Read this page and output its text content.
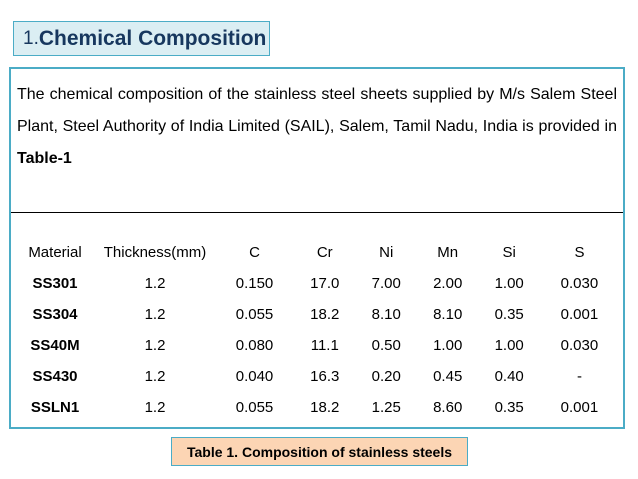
1. Chemical Composition

The chemical composition of the stainless steel sheets supplied by M/s Salem Steel Plant, Steel Authority of India Limited (SAIL), Salem, Tamil Nadu, India is provided in Table-1

Material	Thickness(mm)	C	Cr	Ni	Mn	Si	S
SS301	1.2	0.150	17.0	7.00	2.00	1.00	0.030
SS304	1.2	0.055	18.2	8.10	8.10	0.35	0.001
SS40M	1.2	0.080	11.1	0.50	1.00	1.00	0.030
SS430	1.2	0.040	16.3	0.20	0.45	0.40	-
SSLN1	1.2	0.055	18.2	1.25	8.60	0.35	0.001
Table 1. Composition of stainless steels
